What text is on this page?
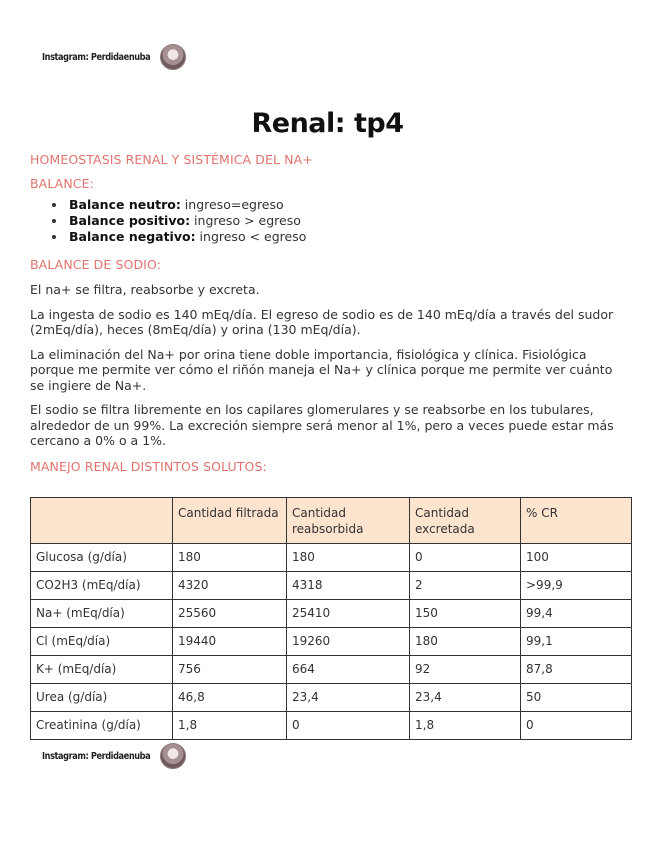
Instagram: Perdidaenuba
Renal: tp4
HOMEOSTASIS RENAL Y SISTÉMICA DEL NA+
BALANCE:
• Balance neutro: ingreso=egreso
• Balance positivo: ingreso > egreso
• Balance negativo: ingreso < egreso
BALANCE DE SODIO:

El na+ se filtra, reabsorbe y excreta.

La ingesta de sodio es 140 mEq/día. El egreso de sodio es de 140 mEq/día a través del sudor (2mEq/día), heces (8mEq/día) y orina (130 mEq/día).

La eliminación del Na+ por orina tiene doble importancia, fisiológica y clínica. Fisiológica porque me permite ver cómo el riñón maneja el Na+ y clínica porque me permite ver cuánto se ingiere de Na+.

El sodio se filtra libremente en los capilares glomerulares y se reabsorbe en los tubulares, alrededor de un 99%. La excreción siempre será menor al 1%, pero a veces puede estar más cercano a 0% o a 1%.

MANEJO RENAL DISTINTOS SOLUTOS:
	Cantidad filtrada	Cantidad reabsorbida	Cantidad excretada	% CR
Glucosa (g/día)	180	180	0	100
CO2H3 (mEq/día)	4320	4318	2	>99,9
Na+ (mEq/día)	25560	25410	150	99,4
Cl (mEq/día)	19440	19260	180	99,1
K+ (mEq/día)	756	664	92	87,8
Urea (g/día)	46,8	23,4	23,4	50
Creatinina (g/día)	1,8	0	1,8	0
Instagram: Perdidaenuba
